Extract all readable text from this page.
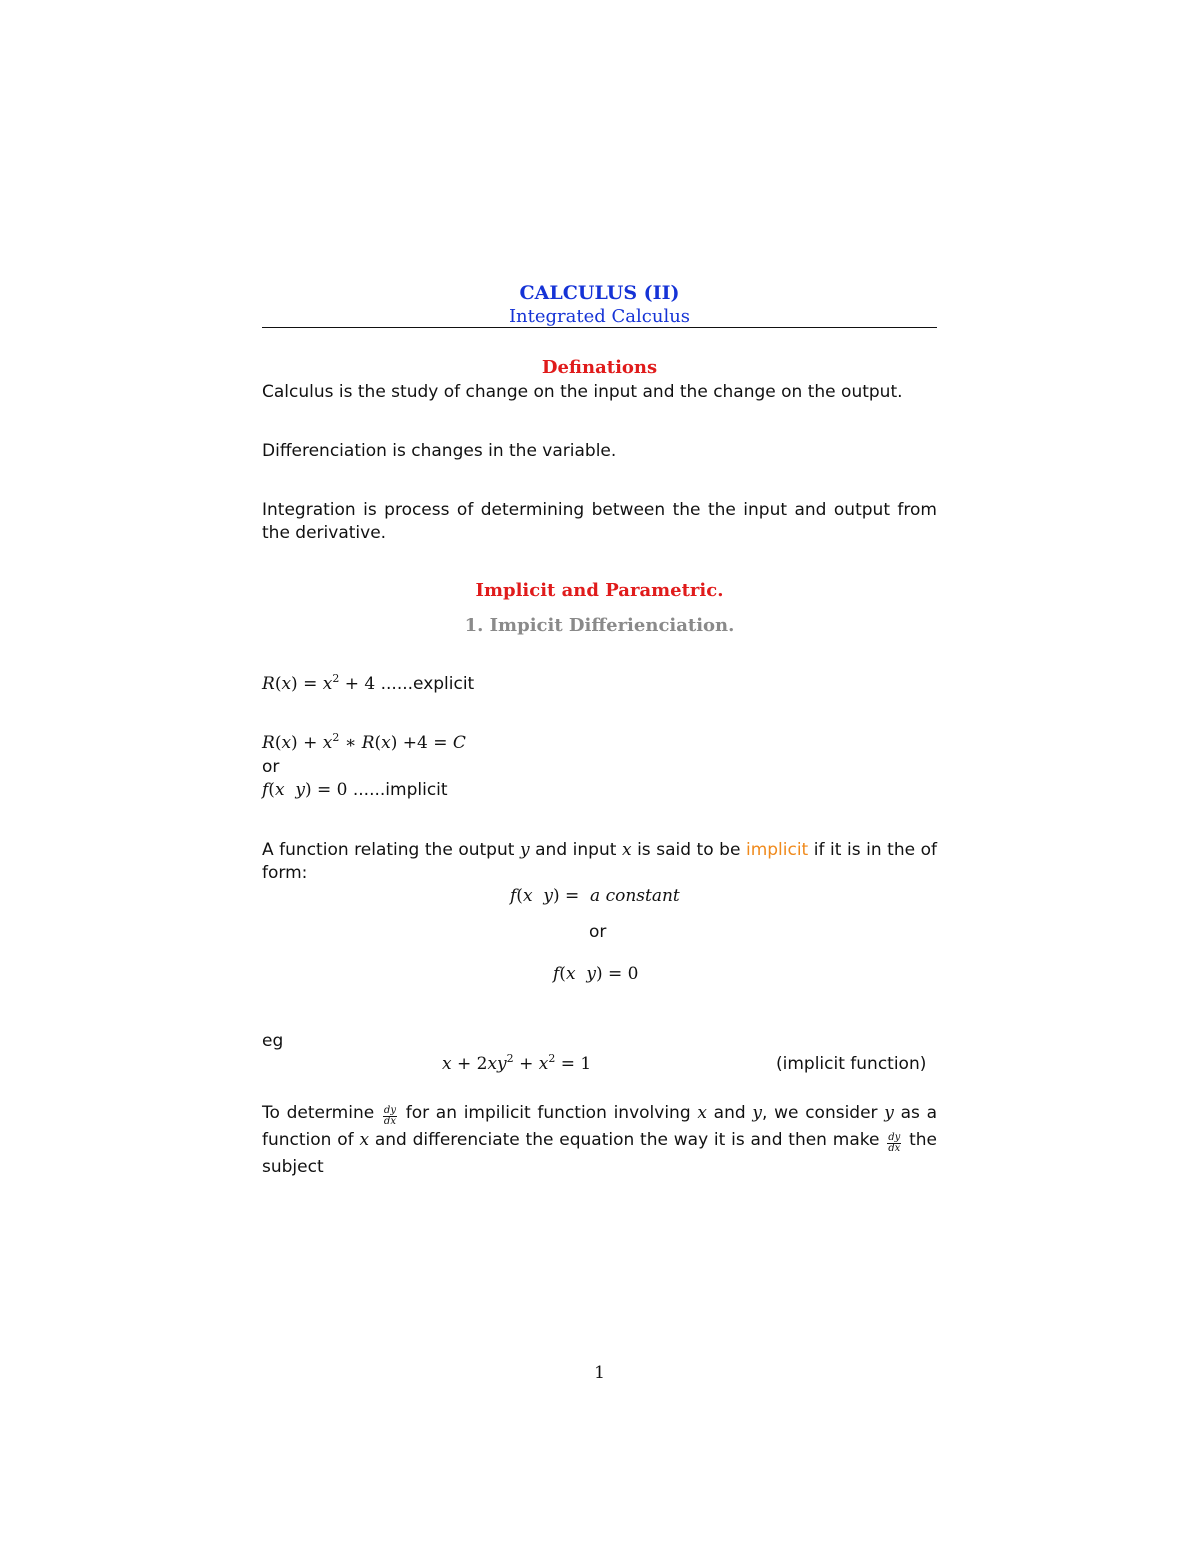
CALCULUS (II)
Integrated Calculus
Definations
Calculus is the study of change on the input and the change on the output.
Differenciation is changes in the variable.
Integration is process of determining between the the input and output from the derivative.
Implicit and Parametric.
1. Impicit Differienciation.
$R(x) = x^2 + 4$ ......explicit
$R(x) + x^2$ ∗ R(x) +4 = C
or
f(x y) = 0 ......implicit
A function relating the output y and input x is said to be implicit if it is in the of form:
f(x y) =  a constant
or
f(x y) = 0
eg
$x + 2xy^2 + x^2 = 1$	(implicit function)
To determine $\frac{dy}{dx}$ for an impilicit function involving x and y, we consider y as a function of x and differenciate the equation the way it is and then make $\frac{dy}{dx}$ the subject
1
